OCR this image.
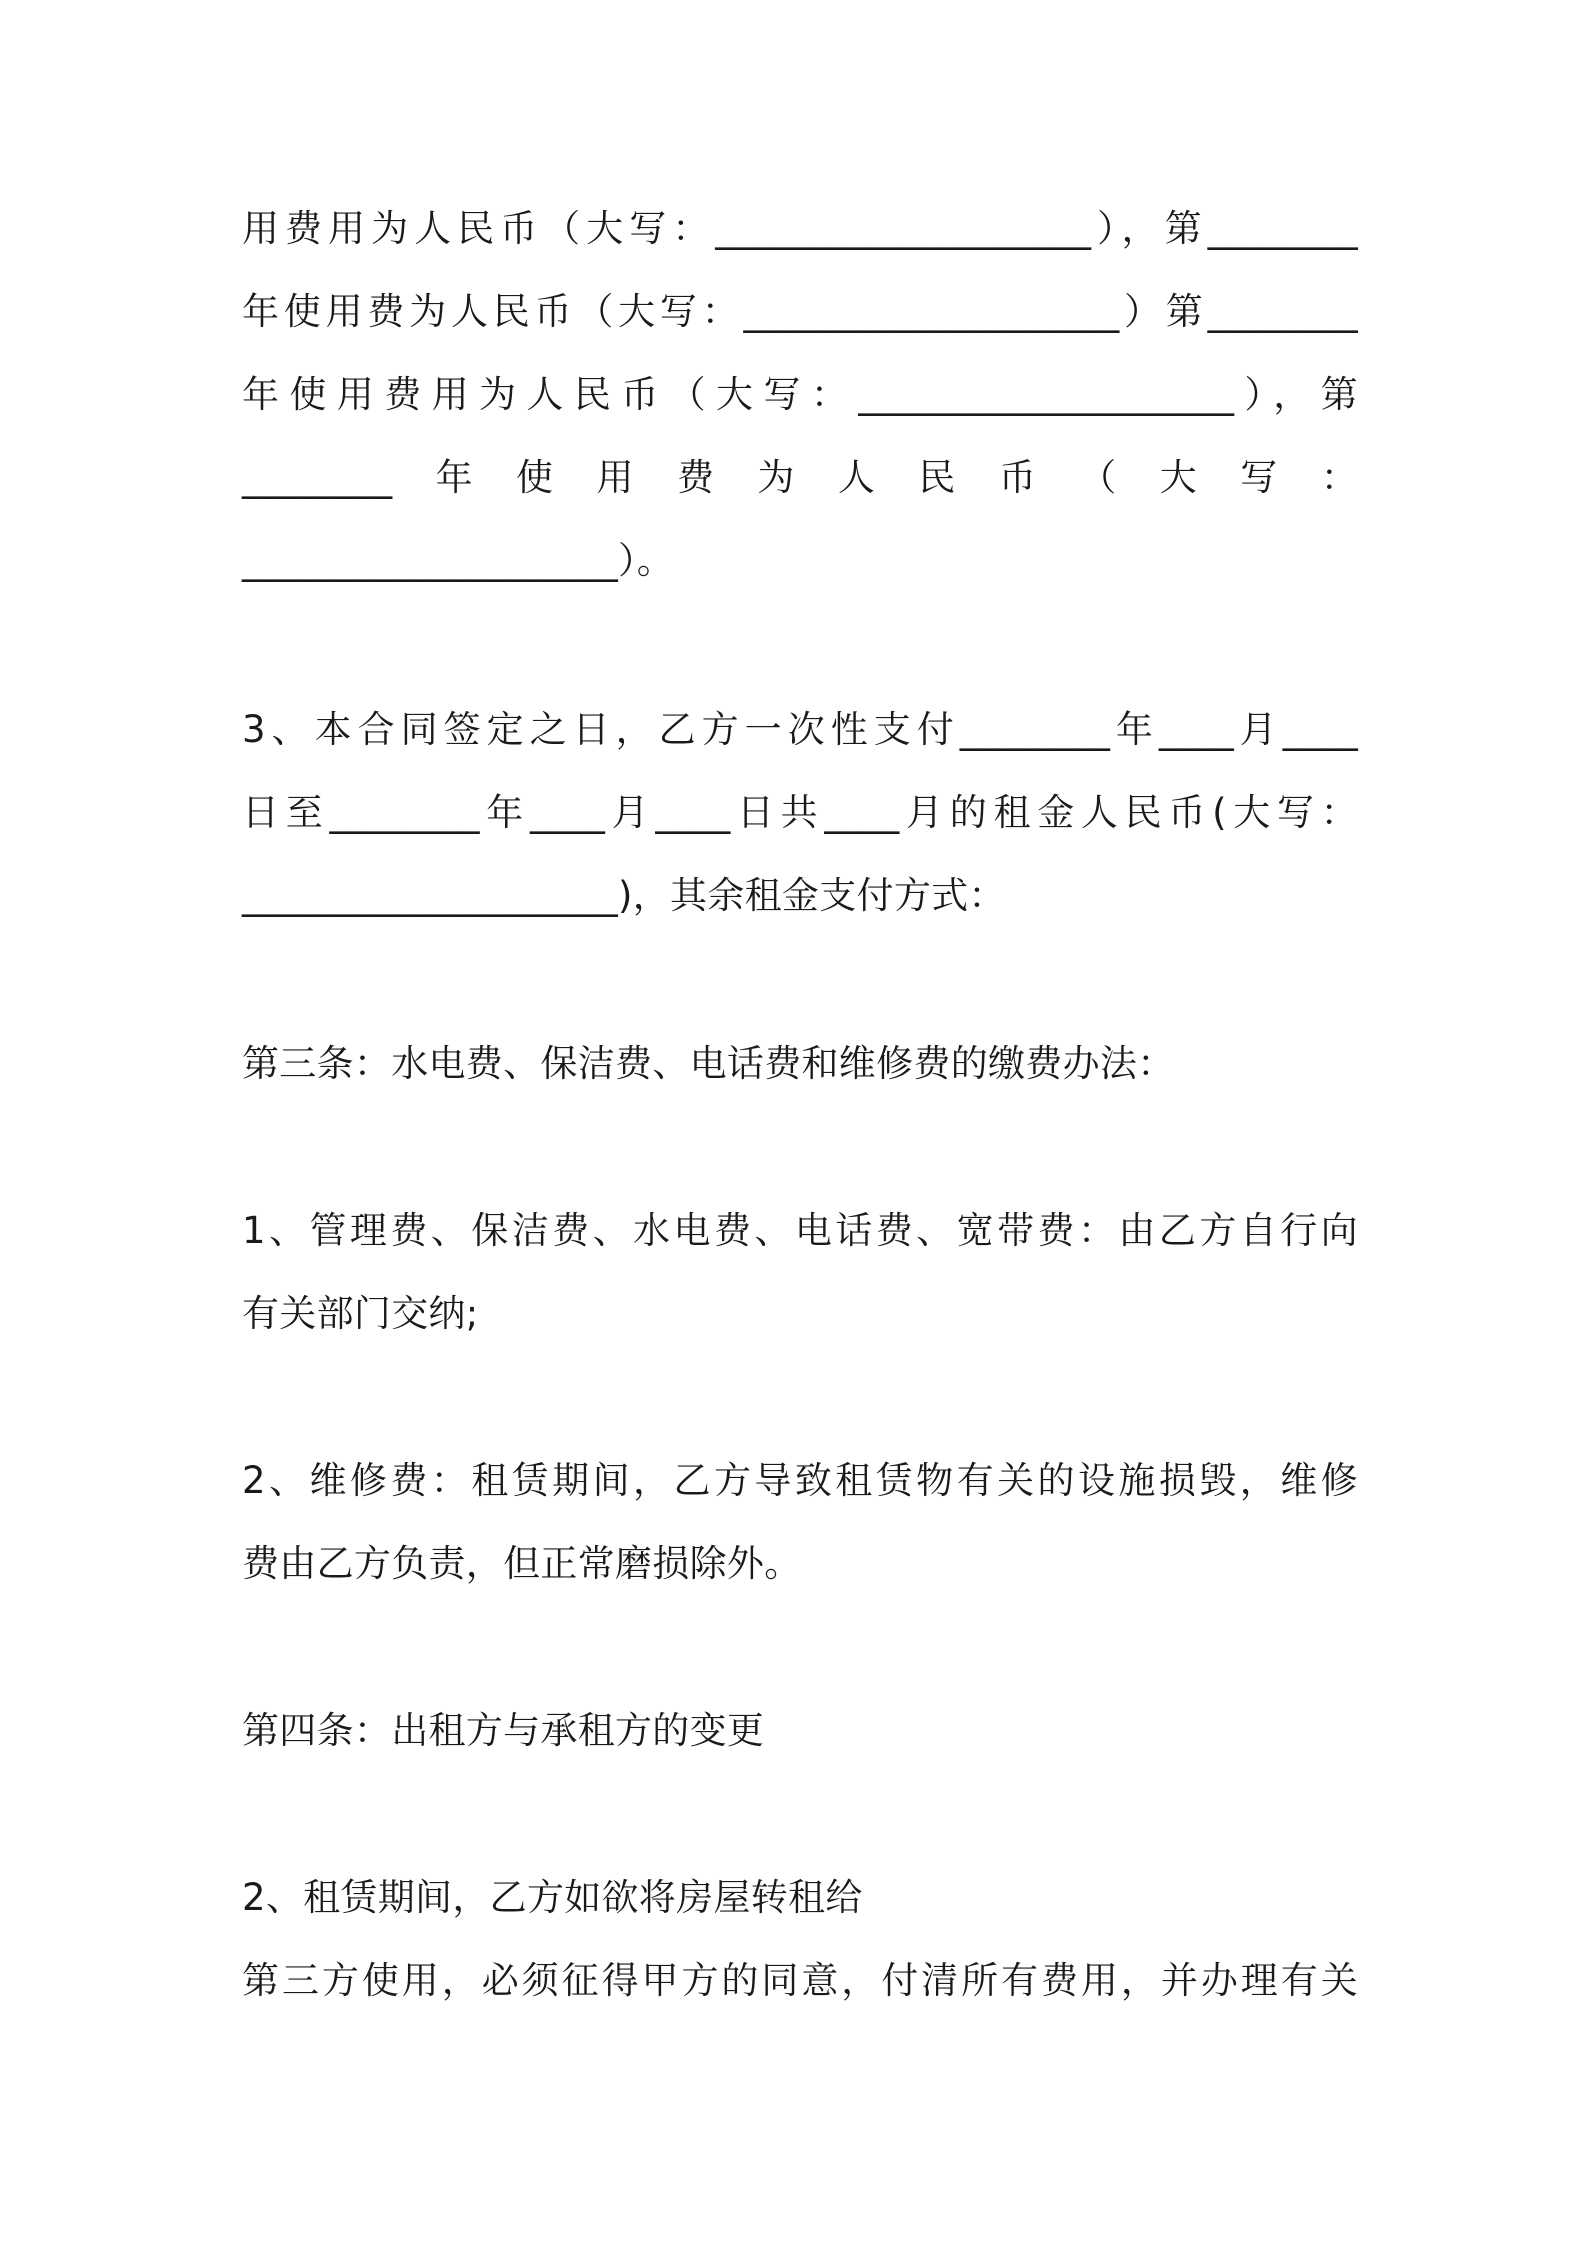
用费用为人民币（大写：____________________），第________

年使用费为人民币（大写：____________________）第________

年使用费用为人民币（大写：____________________），第

________年使用费为人民币（大写：

____________________）。

3、本合同签定之日，乙方一次性支付________年____月____

日至________年____月____日共____月的租金人民币(大写：

____________________)，其余租金支付方式：

第三条：水电费、保洁费、电话费和维修费的缴费办法：

1、管理费、保洁费、水电费、电话费、宽带费：由乙方自行向

有关部门交纳;

2、维修费：租赁期间，乙方导致租赁物有关的设施损毁，维修

费由乙方负责，但正常磨损除外。

第四条：出租方与承租方的变更

2、租赁期间，乙方如欲将房屋转租给

第三方使用，必须征得甲方的同意，付清所有费用，并办理有关
